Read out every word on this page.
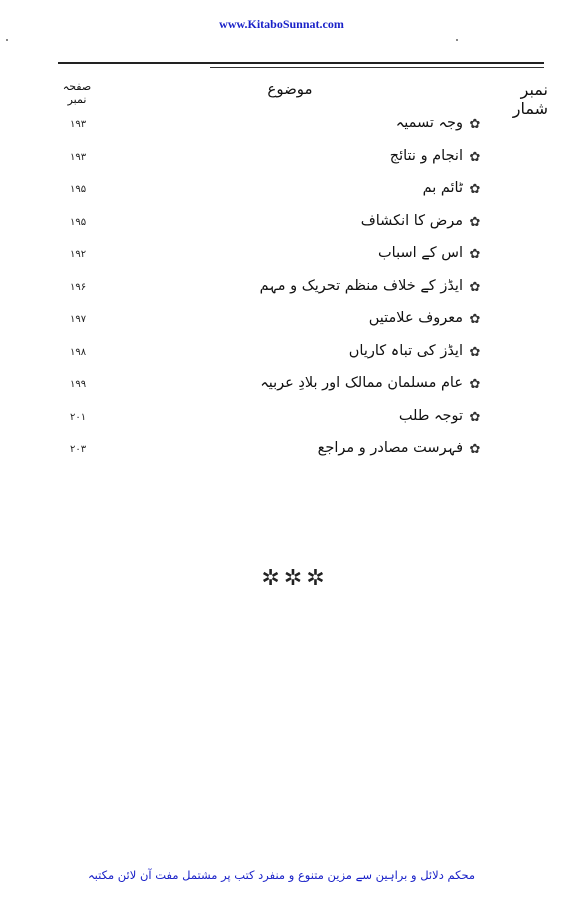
www.KitaboSunnat.com
نمبر شمار
موضوع
صفحہ نمبر
✿
وجہ تسمیہ
۱۹۳
✿
انجام و نتائج
۱۹۳
✿
ٹائم بم
۱۹۵
✿
مرض کا انکشاف
۱۹۵
✿
اس کے اسباب
۱۹۲
✿
ایڈز کے خلاف منظم تحریک و مہم
۱۹۶
✿
معروف علامتیں
۱۹۷
✿
ایڈز کی تباہ کاریاں
۱۹۸
✿
عام مسلمان ممالک اور بلادِ عربیہ
۱۹۹
✿
توجہ طلب
۲۰۱
✿
فہرست مصادر و مراجع
۲۰۳
✲✲✲
محکم دلائل و براہین سے مزین متنوع و منفرد کتب پر مشتمل مفت آن لائن مکتبہ
